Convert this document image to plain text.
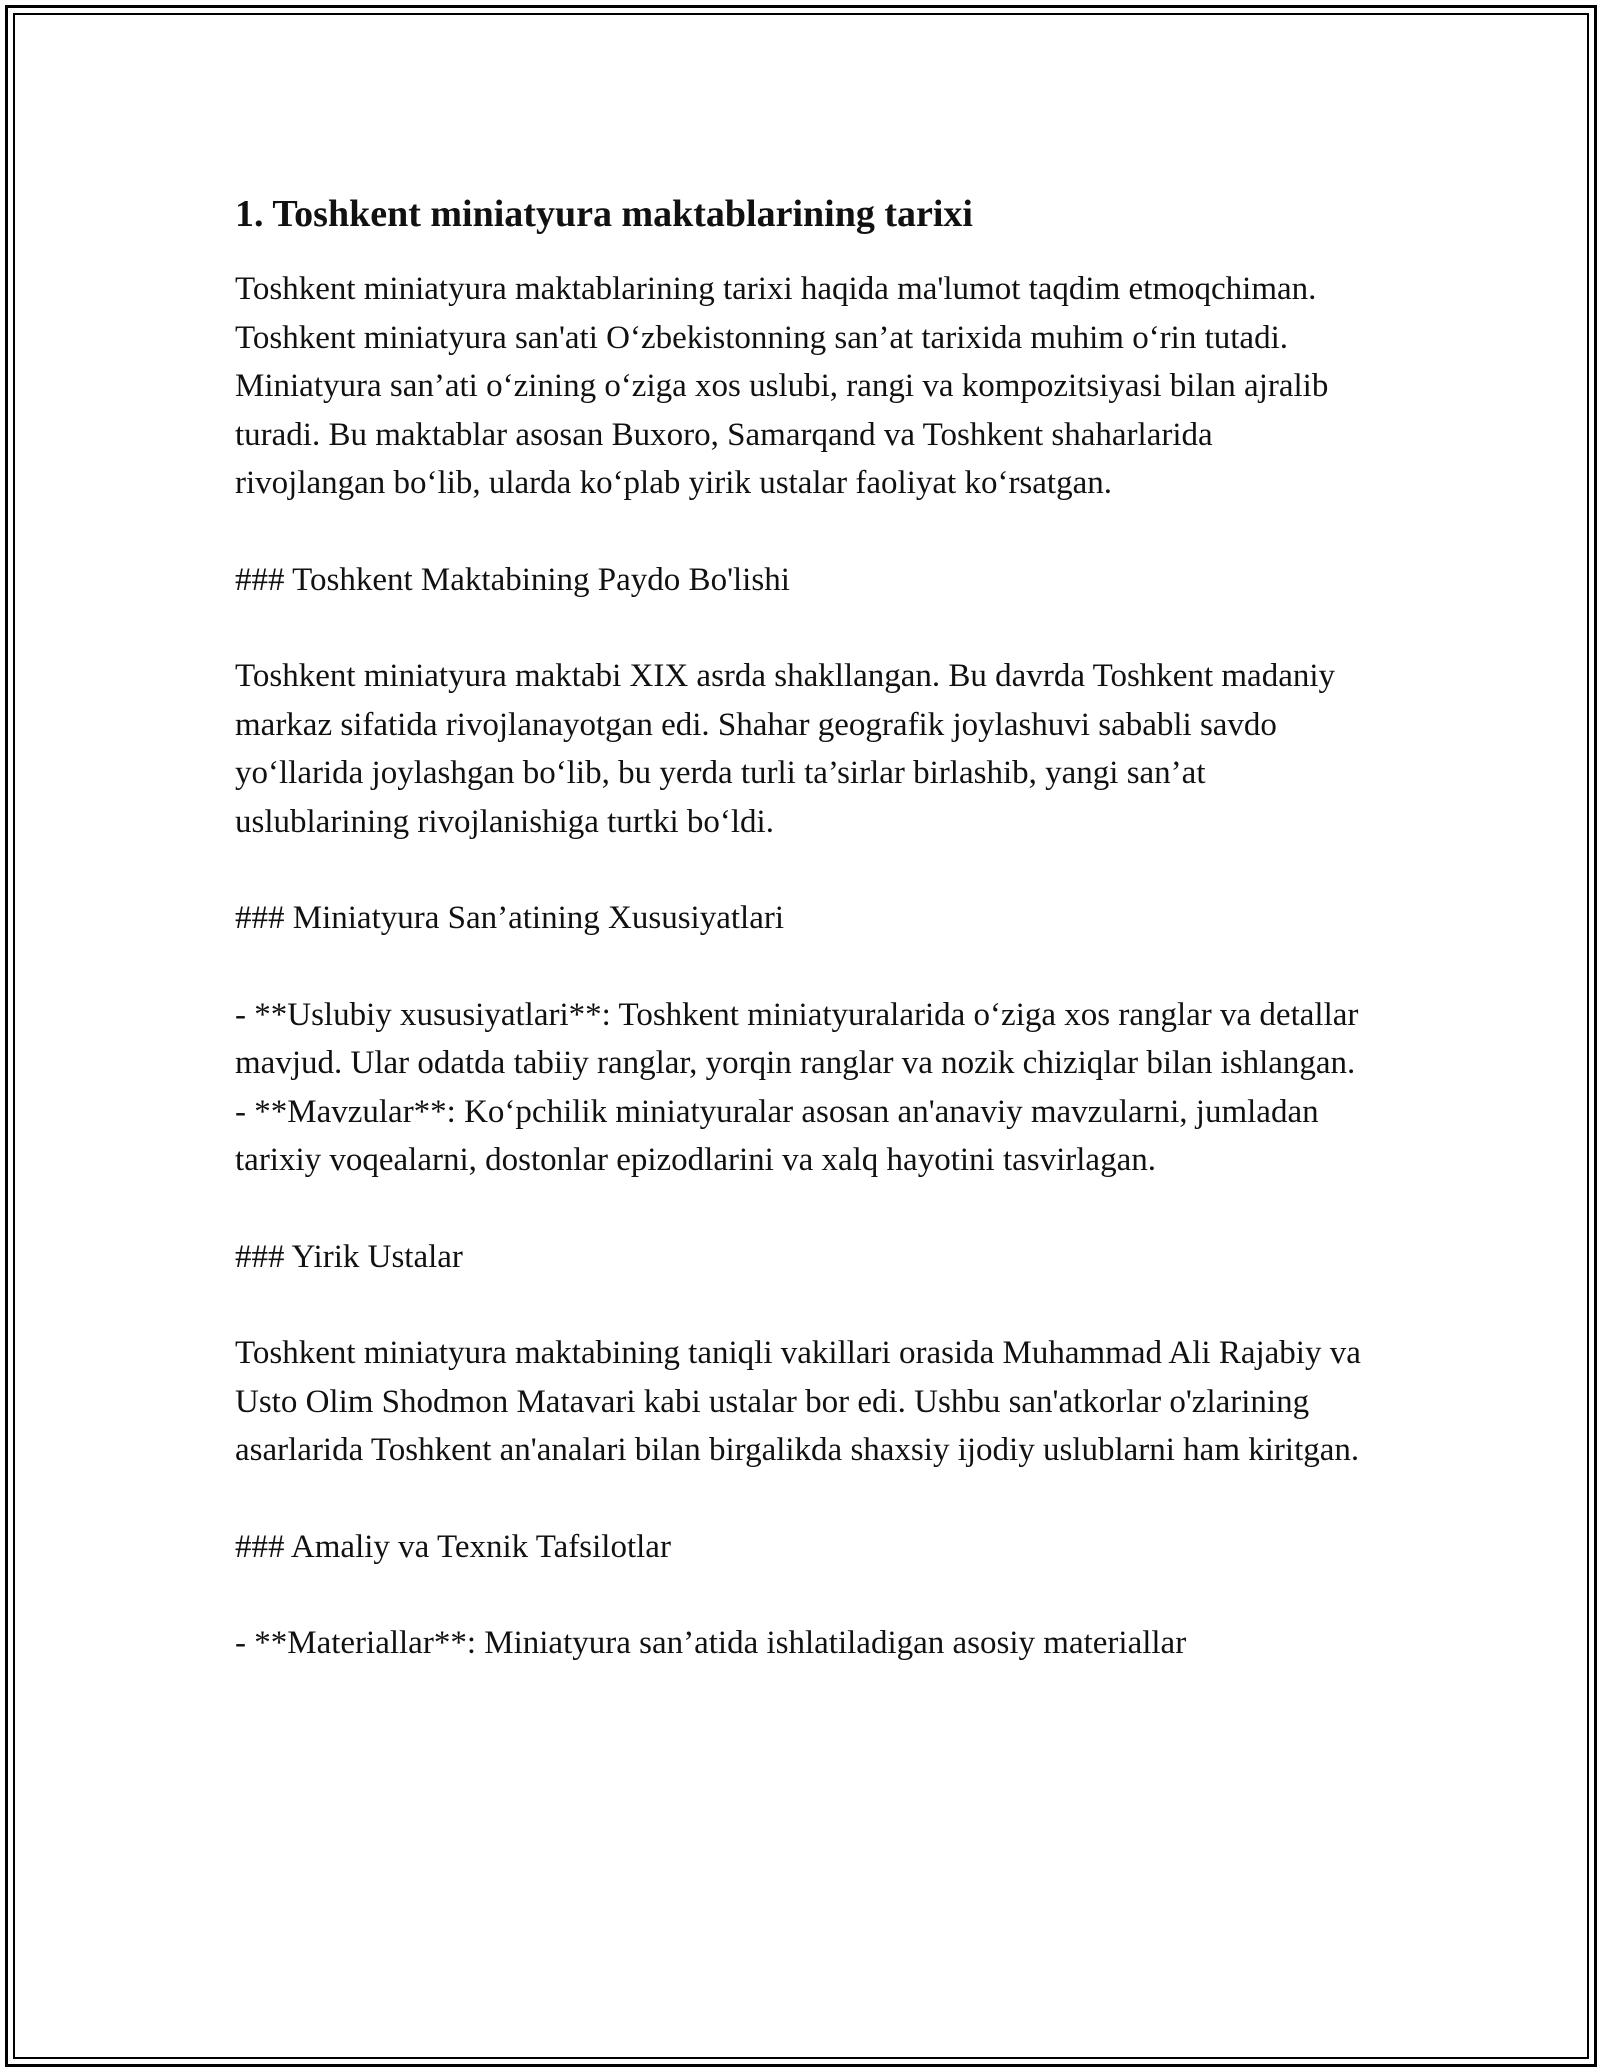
1. Toshkent miniatyura maktablarining tarixi

Toshkent miniatyura maktablarining tarixi haqida ma'lumot taqdim etmoqchiman. Toshkent miniatyura san'ati O‘zbekistonning san’at tarixida muhim o‘rin tutadi. Miniatyura san’ati o‘zining o‘ziga xos uslubi, rangi va kompozitsiyasi bilan ajralib turadi. Bu maktablar asosan Buxoro, Samarqand va Toshkent shaharlarida rivojlangan bo‘lib, ularda ko‘plab yirik ustalar faoliyat ko‘rsatgan.

### Toshkent Maktabining Paydo Bo'lishi

Toshkent miniatyura maktabi XIX asrda shakllangan. Bu davrda Toshkent madaniy markaz sifatida rivojlanayotgan edi. Shahar geografik joylashuvi sababli savdo yo‘llarida joylashgan bo‘lib, bu yerda turli ta’sirlar birlashib, yangi san’at uslublarining rivojlanishiga turtki bo‘ldi.

### Miniatyura San’atining Xususiyatlari

- **Uslubiy xususiyatlari**: Toshkent miniatyuralarida o‘ziga xos ranglar va detallar mavjud. Ular odatda tabiiy ranglar, yorqin ranglar va nozik chiziqlar bilan ishlangan.

- **Mavzular**: Ko‘pchilik miniatyuralar asosan an'anaviy mavzularni, jumladan tarixiy voqealarni, dostonlar epizodlarini va xalq hayotini tasvirlagan.

### Yirik Ustalar

Toshkent miniatyura maktabining taniqli vakillari orasida Muhammad Ali Rajabiy va Usto Olim Shodmon Matavari kabi ustalar bor edi. Ushbu san'atkorlar o'zlarining asarlarida Toshkent an'analari bilan birgalikda shaxsiy ijodiy uslublarni ham kiritgan.

### Amaliy va Texnik Tafsilotlar

- **Materiallar**: Miniatyura san’atida ishlatiladigan asosiy materiallar
